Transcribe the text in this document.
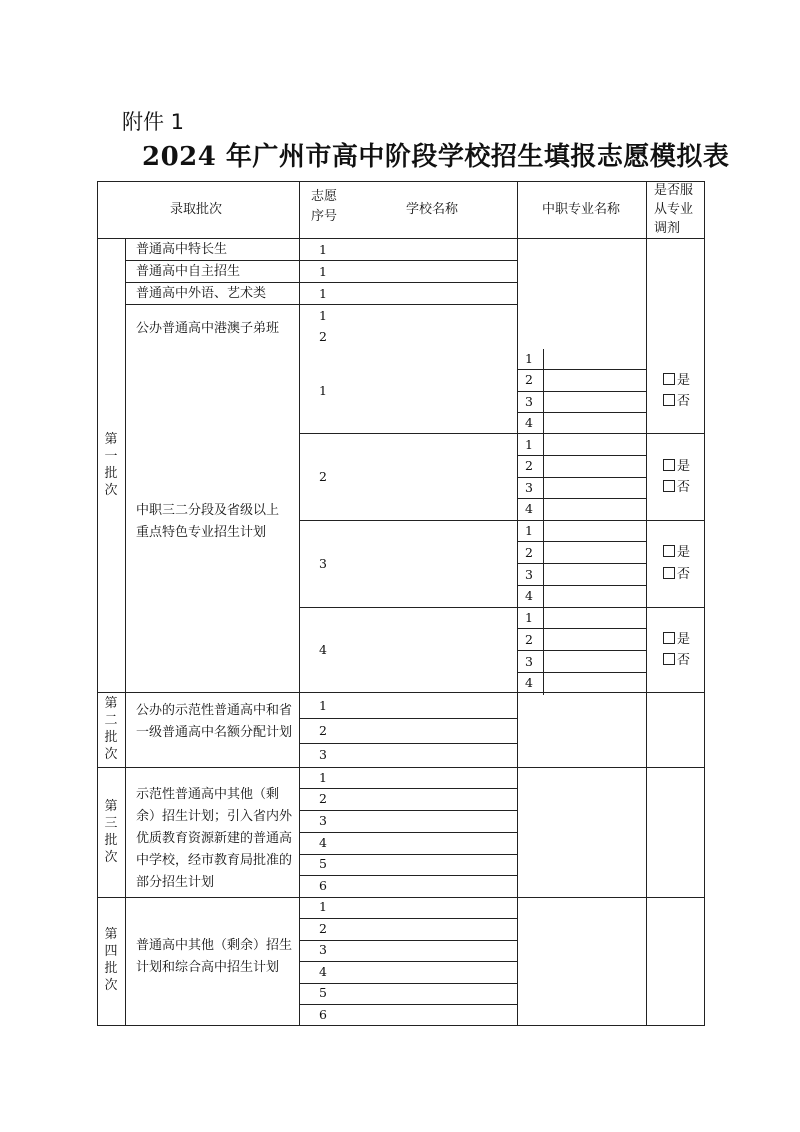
附件 1
2024 年广州市高中阶段学校招生填报志愿模拟表
录取批次
志愿
序号	学校名称	中职专业名称
是否服
从专业
调剂
第一批次
普通高中特长生
普通高中自主招生
普通高中外语、艺术类
公办普通高中港澳子弟班
中职三二分段及省级以上重点特色专业招生计划
1
1
1
1
2
1
2
3
4
1
2
3
4
1
2
3
4
1
2
3
4
1
2
3
4
是
否
是
否
是
否
是
否
第二批次
公办的示范性普通高中和省一级普通高中名额分配计划
1
2
3
第三批次
示范性普通高中其他（剩余）招生计划；引入省内外优质教育资源新建的普通高中学校，经市教育局批准的部分招生计划
1
2
3
4
5
6
第四批次
普通高中其他（剩余）招生计划和综合高中招生计划
1
2
3
4
5
6
